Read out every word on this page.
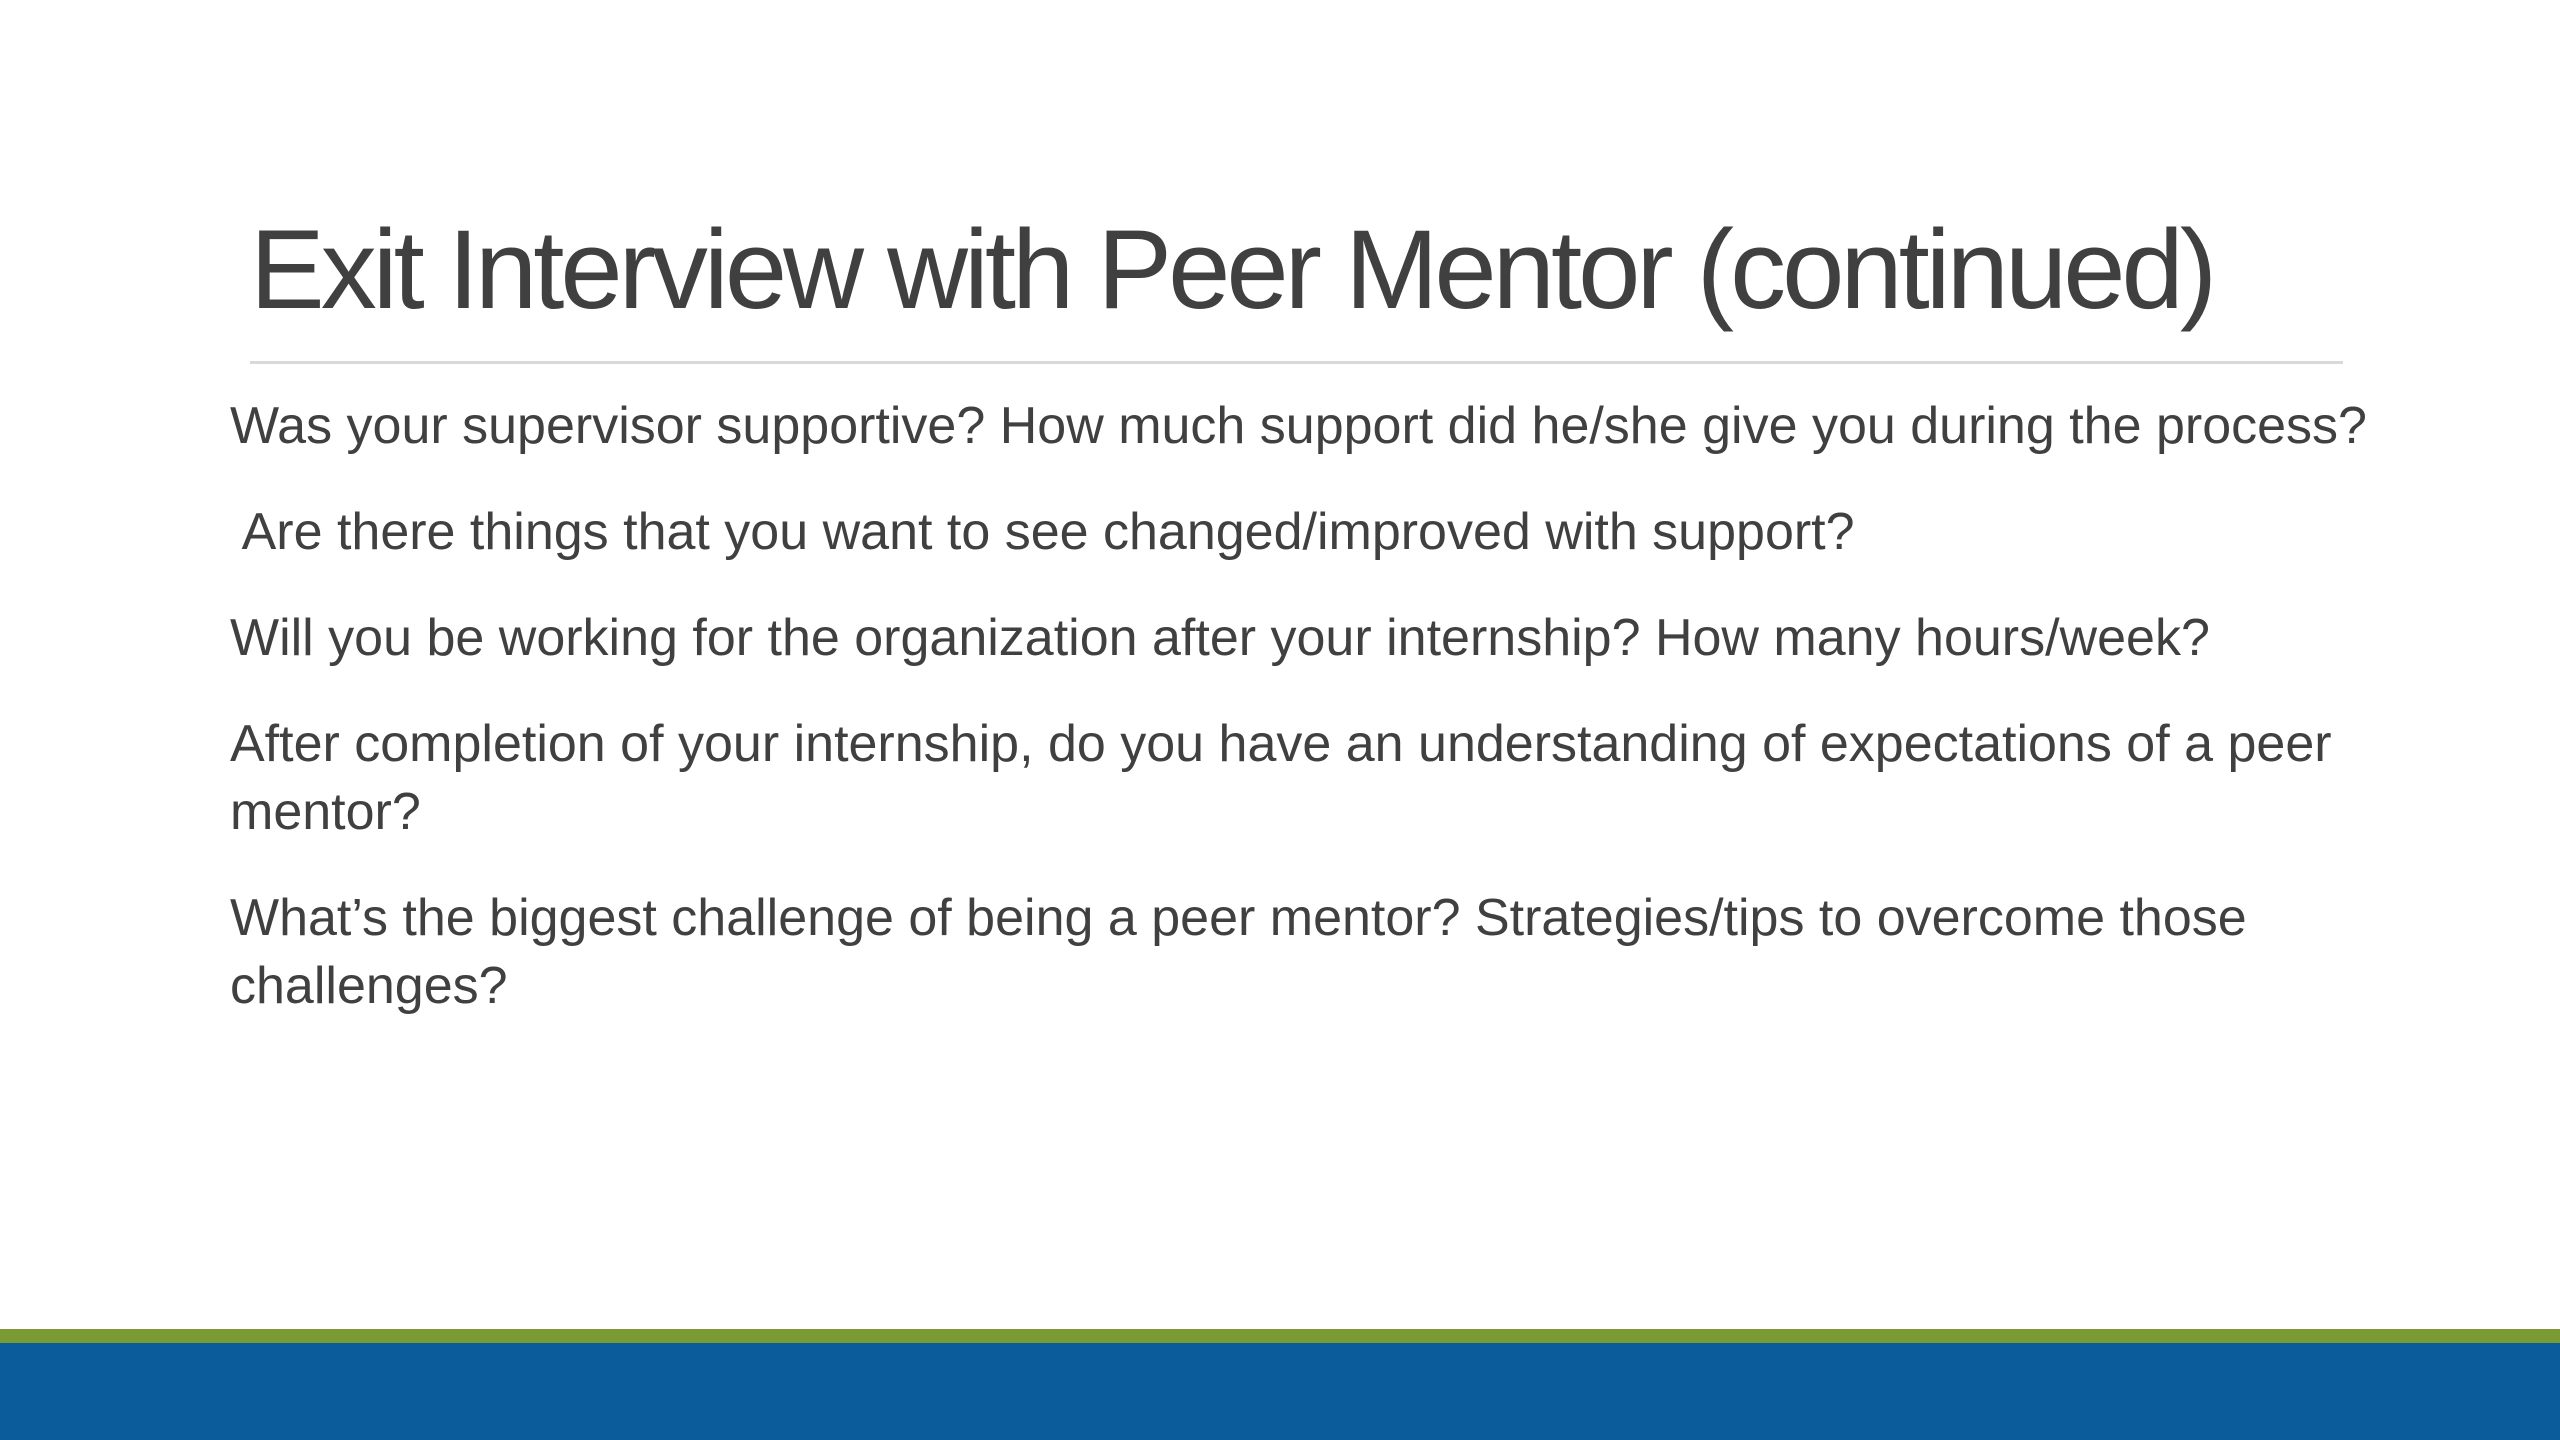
Exit Interview with Peer Mentor (continued)

Was your supervisor supportive? How much support did he/she give you during the process?

Are there things that you want to see changed/improved with support?

Will you be working for the organization after your internship? How many hours/week?

After completion of your internship, do you have an understanding of expectations of a peer mentor?

What’s the biggest challenge of being a peer mentor? Strategies/tips to overcome those challenges?
